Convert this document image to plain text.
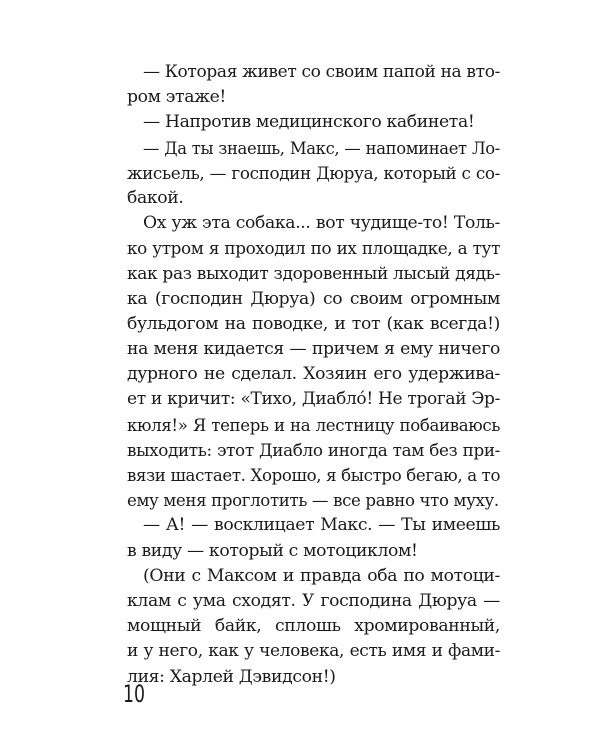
— Которая живет со своим папой на вто-
ром этаже!
— Напротив медицинского кабинета!
— Да ты знаешь, Макс, — напоминает Ло-
жисьель, — господин Дюруа, который с со-
бакой.
Ох уж эта собака... вот чудище-то! Толь-
ко утром я проходил по их площадке, а тут
как раз выходит здоровенный лысый дядь-
ка (господин Дюруа) со своим огромным
бульдогом на поводке, и тот (как всегда!)
на меня кидается — причем я ему ничего
дурного не сделал. Хозяин его удерживa-
ет и кричит: «Тихо, Диабло́! Не трогай Эр-
кюля!» Я теперь и на лестницу побаиваюсь
выходить: этот Диабло иногда там без при-
вязи шастает. Хорошо, я быстро бегаю, а то
ему меня проглотить — все равно что муху.
— А! — восклицает Макс. — Ты имеешь
в виду — который с мотоциклом!
(Они с Максом и правда оба по мотоци-
клам с ума сходят. У господина Дюруа —
мощный байк, сплошь хромированный,
и у него, как у человека, есть имя и фами-
лия: Харлей Дэвидсон!)
10
